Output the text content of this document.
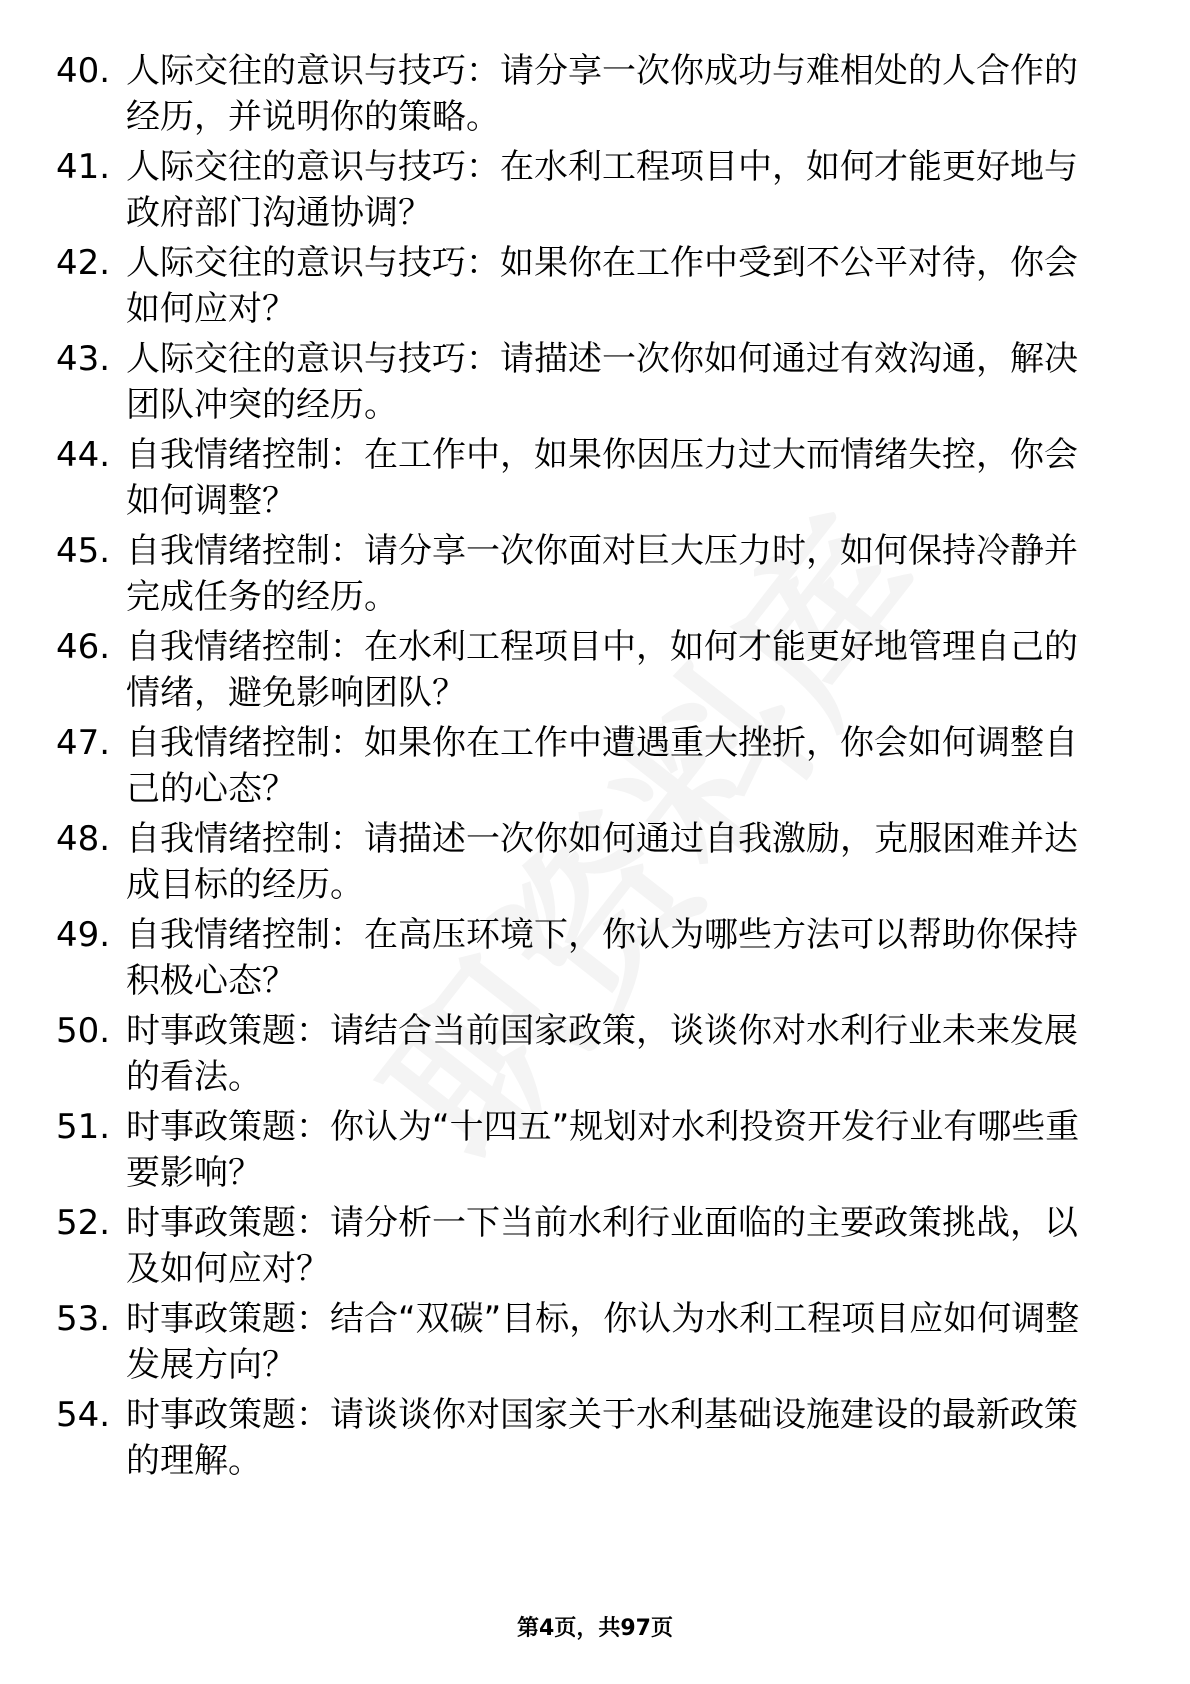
40. 人际交往的意识与技巧：请分享一次你成功与难相处的人合作的经历，并说明你的策略。
41. 人际交往的意识与技巧：在水利工程项目中，如何才能更好地与政府部门沟通协调？
42. 人际交往的意识与技巧：如果你在工作中受到不公平对待，你会如何应对？
43. 人际交往的意识与技巧：请描述一次你如何通过有效沟通，解决团队冲突的经历。
44. 自我情绪控制：在工作中，如果你因压力过大而情绪失控，你会如何调整？
45. 自我情绪控制：请分享一次你面对巨大压力时，如何保持冷静并完成任务的经历。
46. 自我情绪控制：在水利工程项目中，如何才能更好地管理自己的情绪，避免影响团队？
47. 自我情绪控制：如果你在工作中遭遇重大挫折，你会如何调整自己的心态？
48. 自我情绪控制：请描述一次你如何通过自我激励，克服困难并达成目标的经历。
49. 自我情绪控制：在高压环境下，你认为哪些方法可以帮助你保持积极心态？
50. 时事政策题：请结合当前国家政策，谈谈你对水利行业未来发展的看法。
51. 时事政策题：你认为“十四五”规划对水利投资开发行业有哪些重要影响？
52. 时事政策题：请分析一下当前水利行业面临的主要政策挑战，以及如何应对？
53. 时事政策题：结合“双碳”目标，你认为水利工程项目应如何调整发展方向？
54. 时事政策题：请谈谈你对国家关于水利基础设施建设的最新政策的理解。
第4页，共97页
